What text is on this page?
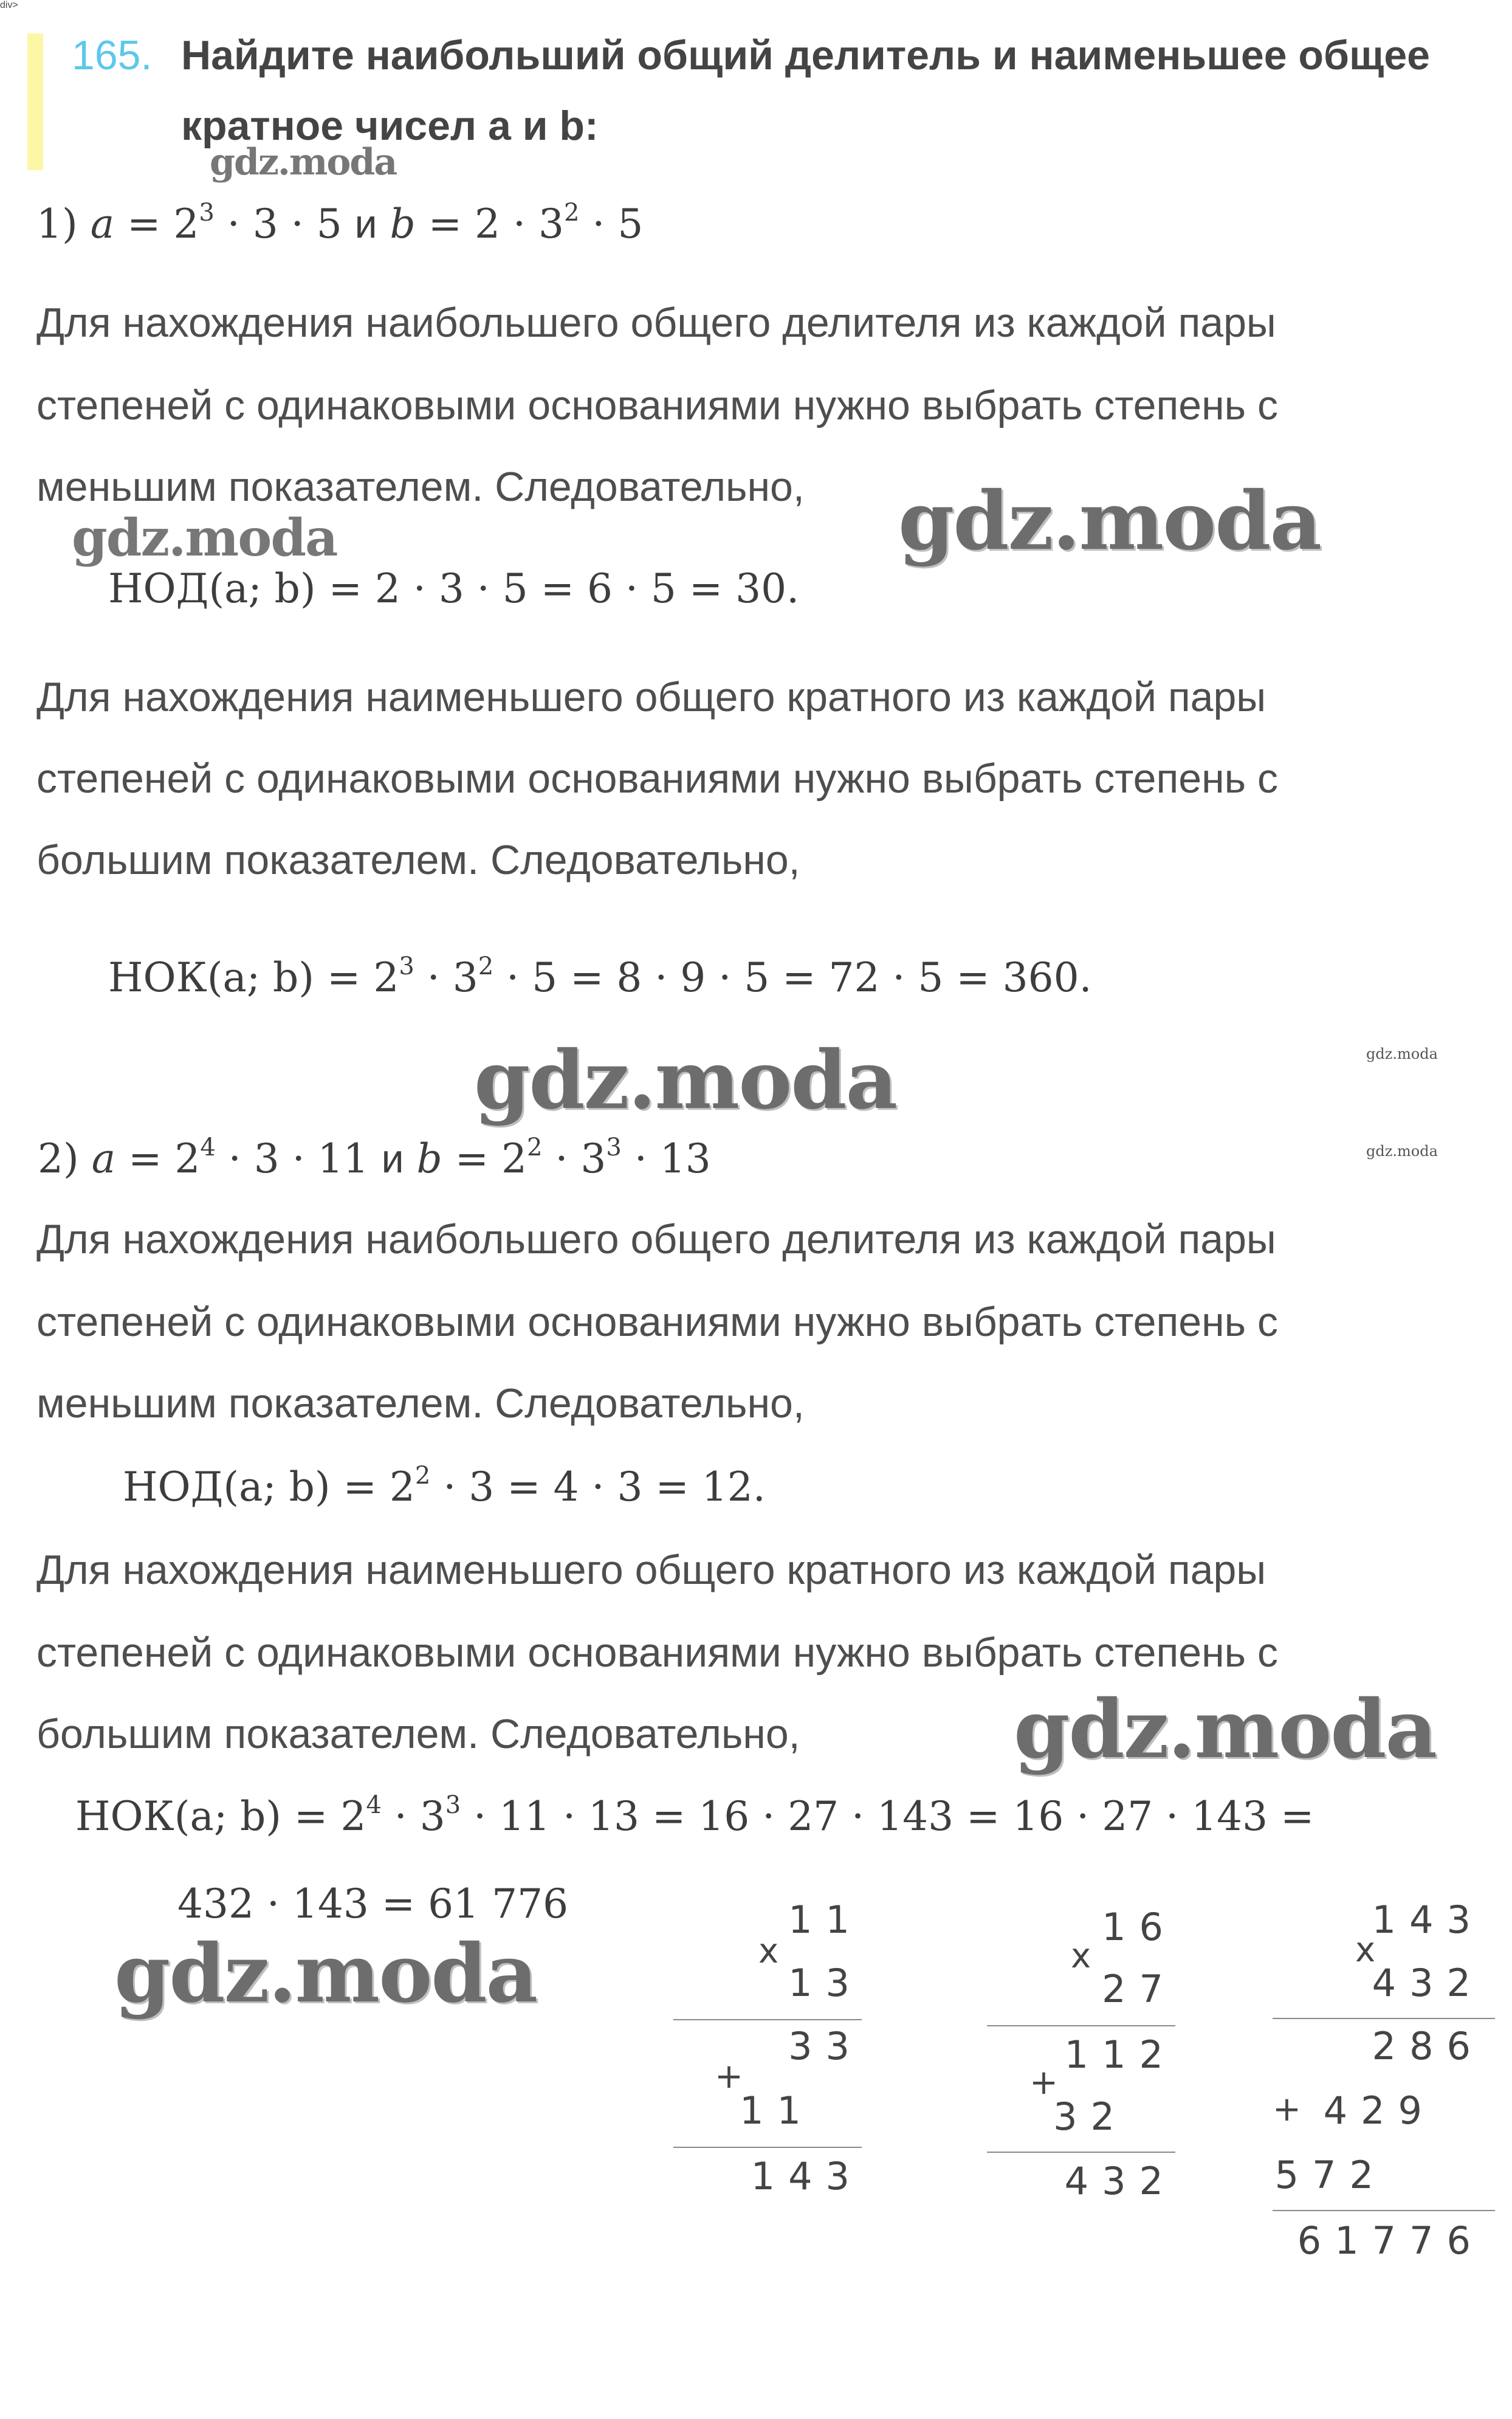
165. Найдите наибольший общий делитель и наименьшее общее
кратное чисел a и b:
gdz.moda
1) $a = 2^3 \cdot 3 \cdot 5$ и $b = 2 \cdot 3^2 \cdot 5$
Для нахождения наибольшего общего делителя из каждой пары
степеней с одинаковыми основаниями нужно выбрать степень с
меньшим показателем. Следовательно,
gdz.moda	gdz.moda
НОД(a; b) = 2 · 3 · 5 = 6 · 5 = 30.
div>
Для нахождения наименьшего общего кратного из каждой пары
степеней с одинаковыми основаниями нужно выбрать степень с
большим показателем. Следовательно,
НОК(a; $b) = 2^3 \cdot 3^2 \cdot 5 = 8 \cdot 9 \cdot 5 = 72 \cdot 5 = 360$.
gdz.moda	gdz.moda
gdz.moda
2) $a = 2^4 \cdot 3 \cdot 11$ и $b = 2^2 \cdot 3^3 \cdot 13$
Для нахождения наибольшего общего делителя из каждой пары
степеней с одинаковыми основаниями нужно выбрать степень с
меньшим показателем. Следовательно,
НОД(a; $b) = 2^2 \cdot 3 = 4 \cdot 3 = 12$.
Для нахождения наименьшего общего кратного из каждой пары
степеней с одинаковыми основаниями нужно выбрать степень с
большим показателем. Следовательно,	gdz.moda
НОК(a; $b) = 2^4 \cdot 3^3 \cdot 11 \cdot 13 = 16 \cdot 27 \cdot 143 = 16 \cdot 27 \cdot 143$ =
432 · 143 = 61 776
gdz.moda	x
11
13
33
+
11
143
x
16
27
112
+
32
432
x
143
432
286
+ 429
572
61776
